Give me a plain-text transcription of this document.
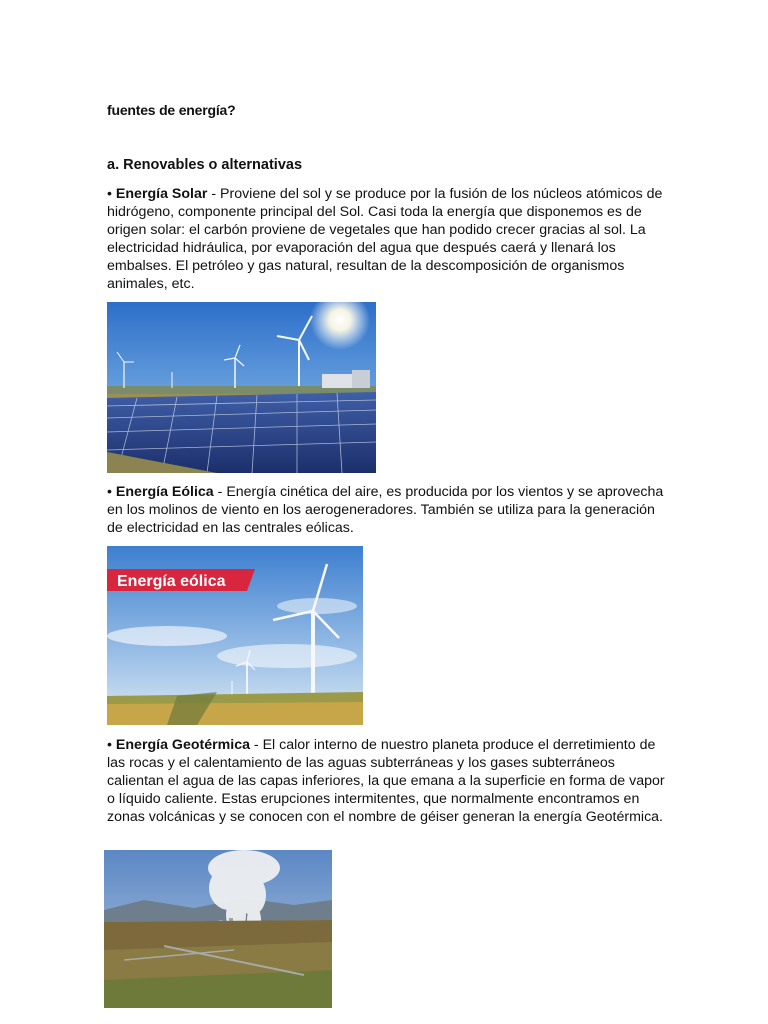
fuentes de energía?
a. Renovables o alternativas

• Energía Solar - Proviene del sol y se produce por la fusión de los núcleos atómicos de hidrógeno, componente principal del Sol. Casi toda la energía que disponemos es de origen solar: el carbón proviene de vegetales que han podido crecer gracias al sol. La electricidad hidráulica, por evaporación del agua que después caerá y llenará los embalses. El petróleo y gas natural, resultan de la descomposición de organismos animales, etc.

• Energía Eólica - Energía cinética del aire, es producida por los vientos y se aprovecha en los molinos de viento en los aerogeneradores. También se utiliza para la generación de electricidad en las centrales eólicas.

Energía eólica

• Energía Geotérmica - El calor interno de nuestro planeta produce el derretimiento de las rocas y el calentamiento de las aguas subterráneas y los gases subterráneos calientan el agua de las capas inferiores, la que emana a la superficie en forma de vapor o líquido caliente. Estas erupciones intermitentes, que normalmente encontramos en zonas volcánicas y se conocen con el nombre de géiser generan la energía Geotérmica.
